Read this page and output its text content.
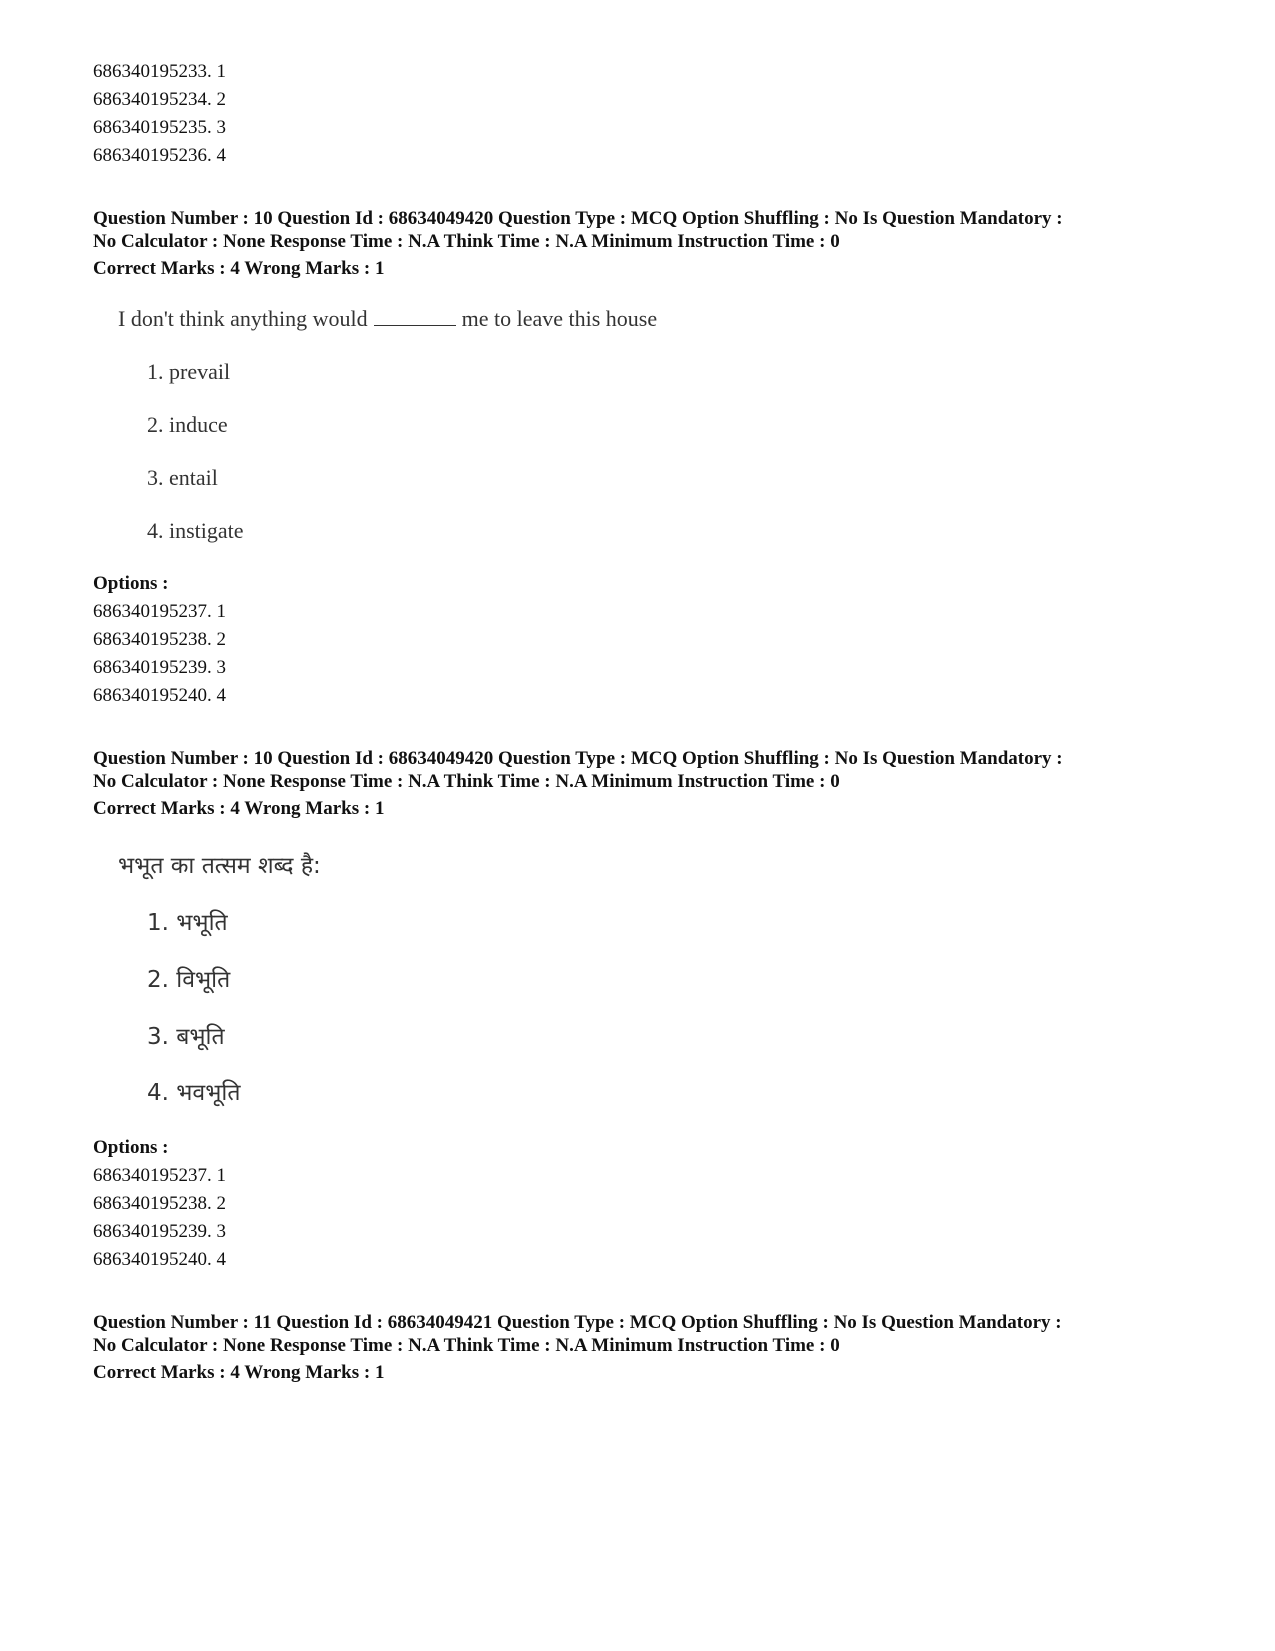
686340195233. 1
686340195234. 2
686340195235. 3
686340195236. 4
Question Number : 10 Question Id : 68634049420 Question Type : MCQ Option Shuffling : No Is Question Mandatory :
No Calculator : None Response Time : N.A Think Time : N.A Minimum Instruction Time : 0
Correct Marks : 4 Wrong Marks : 1
I don't think anything would	me to leave this house
1. prevail
2. induce
3. entail
4. instigate
Options :
686340195237. 1
686340195238. 2
686340195239. 3
686340195240. 4
Question Number : 10 Question Id : 68634049420 Question Type : MCQ Option Shuffling : No Is Question Mandatory :
No Calculator : None Response Time : N.A Think Time : N.A Minimum Instruction Time : 0
Correct Marks : 4 Wrong Marks : 1
भभूत का तत्सम शब्द है:
1. भभूति
2. विभूति
3. बभूति
4. भवभूति
Options :
686340195237. 1
686340195238. 2
686340195239. 3
686340195240. 4
Question Number : 11 Question Id : 68634049421 Question Type : MCQ Option Shuffling : No Is Question Mandatory :
No Calculator : None Response Time : N.A Think Time : N.A Minimum Instruction Time : 0
Correct Marks : 4 Wrong Marks : 1
